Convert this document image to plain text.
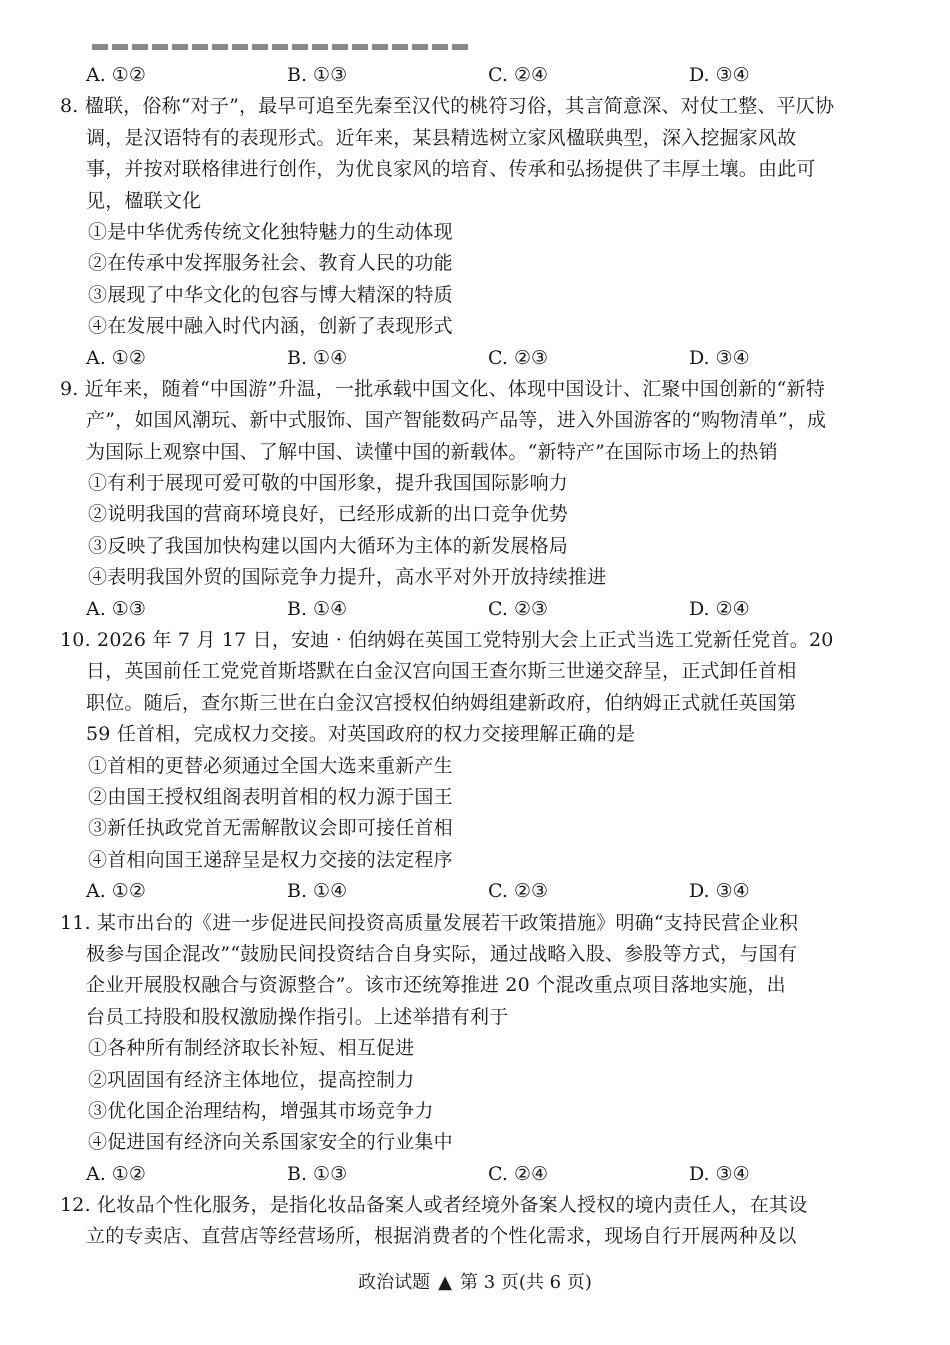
A. ①②	B. ①③	C. ②④	D. ③④
8. 楹联，俗称“对子”，最早可追至先秦至汉代的桃符习俗，其言简意深、对仗工整、平仄协
调，是汉语特有的表现形式。近年来，某县精选树立家风楹联典型，深入挖掘家风故
事，并按对联格律进行创作，为优良家风的培育、传承和弘扬提供了丰厚土壤。由此可
见，楹联文化
①是中华优秀传统文化独特魅力的生动体现
②在传承中发挥服务社会、教育人民的功能
③展现了中华文化的包容与博大精深的特质
④在发展中融入时代内涵，创新了表现形式
A. ①②	B. ①④	C. ②③	D. ③④
9. 近年来，随着“中国游”升温，一批承载中国文化、体现中国设计、汇聚中国创新的“新特
产”，如国风潮玩、新中式服饰、国产智能数码产品等，进入外国游客的“购物清单”，成
为国际上观察中国、了解中国、读懂中国的新载体。“新特产”在国际市场上的热销
①有利于展现可爱可敬的中国形象，提升我国国际影响力
②说明我国的营商环境良好，已经形成新的出口竞争优势
③反映了我国加快构建以国内大循环为主体的新发展格局
④表明我国外贸的国际竞争力提升，高水平对外开放持续推进
A. ①③	B. ①④	C. ②③	D. ②④
10. 2026 年 7 月 17 日，安迪 · 伯纳姆在英国工党特别大会上正式当选工党新任党首。20
日，英国前任工党党首斯塔默在白金汉宫向国王查尔斯三世递交辞呈，正式卸任首相
职位。随后，查尔斯三世在白金汉宫授权伯纳姆组建新政府，伯纳姆正式就任英国第
59 任首相，完成权力交接。对英国政府的权力交接理解正确的是
①首相的更替必须通过全国大选来重新产生
②由国王授权组阁表明首相的权力源于国王
③新任执政党首无需解散议会即可接任首相
④首相向国王递辞呈是权力交接的法定程序
A. ①②	B. ①④	C. ②③	D. ③④
11. 某市出台的《进一步促进民间投资高质量发展若干政策措施》明确“支持民营企业积
极参与国企混改”“鼓励民间投资结合自身实际，通过战略入股、参股等方式，与国有
企业开展股权融合与资源整合”。该市还统筹推进 20 个混改重点项目落地实施，出
台员工持股和股权激励操作指引。上述举措有利于
①各种所有制经济取长补短、相互促进
②巩固国有经济主体地位，提高控制力
③优化国企治理结构，增强其市场竞争力
④促进国有经济向关系国家安全的行业集中
A. ①②	B. ①③	C. ②④	D. ③④
12. 化妆品个性化服务，是指化妆品备案人或者经境外备案人授权的境内责任人，在其设
立的专卖店、直营店等经营场所，根据消费者的个性化需求，现场自行开展两种及以
政治试题 ▲ 第 3 页(共 6 页)
